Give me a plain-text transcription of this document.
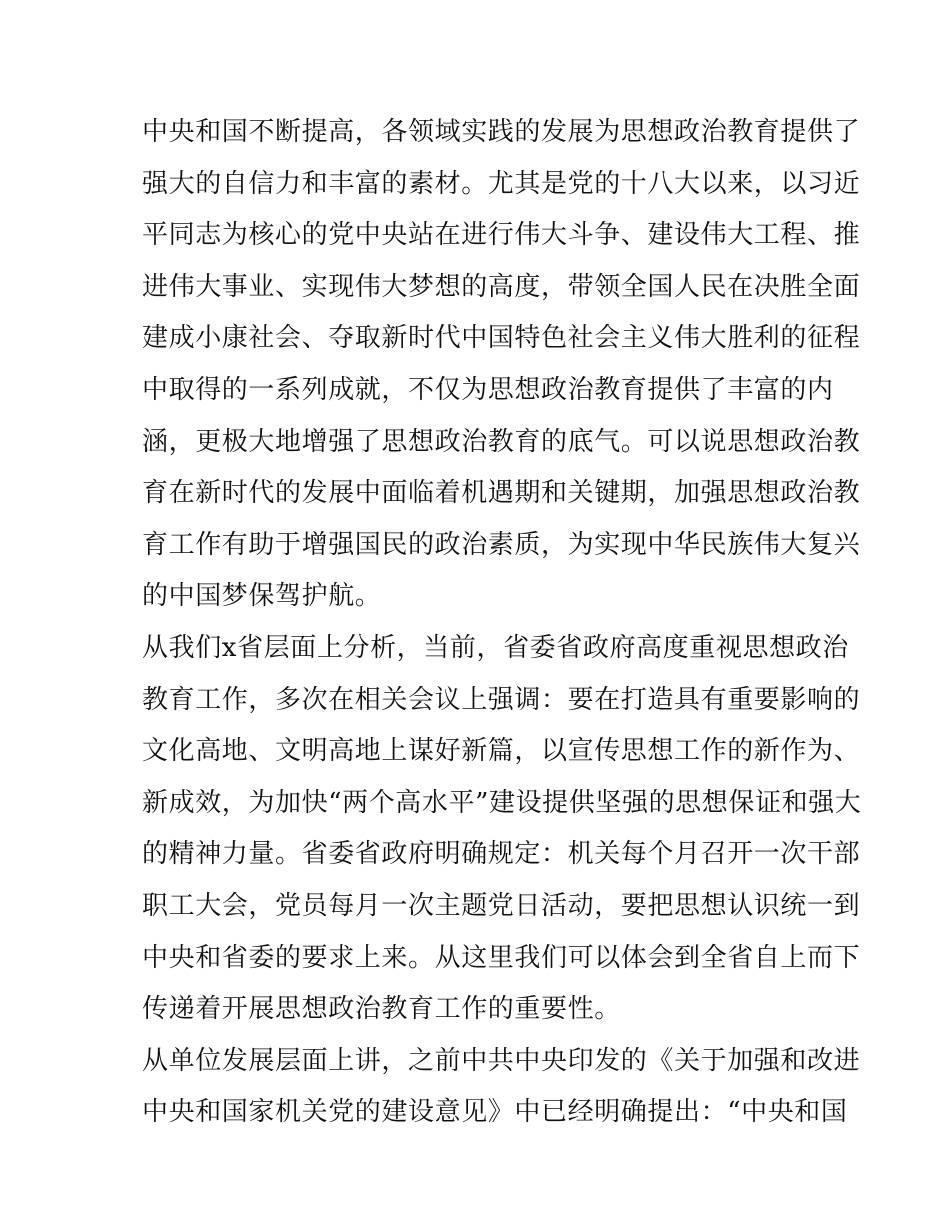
中央和国不断提高，各领域实践的发展为思想政治教育提供了
强大的自信力和丰富的素材。尤其是党的十八大以来，以习近
平同志为核心的党中央站在进行伟大斗争、建设伟大工程、推
进伟大事业、实现伟大梦想的高度，带领全国人民在决胜全面
建成小康社会、夺取新时代中国特色社会主义伟大胜利的征程
中取得的一系列成就，不仅为思想政治教育提供了丰富的内
涵，更极大地增强了思想政治教育的底气。可以说思想政治教
育在新时代的发展中面临着机遇期和关键期，加强思想政治教
育工作有助于增强国民的政治素质，为实现中华民族伟大复兴
的中国梦保驾护航。
从我们x省层面上分析，当前，省委省政府高度重视思想政治
教育工作，多次在相关会议上强调：要在打造具有重要影响的
文化高地、文明高地上谋好新篇，以宣传思想工作的新作为、
新成效，为加快“两个高水平”建设提供坚强的思想保证和强大
的精神力量。省委省政府明确规定：机关每个月召开一次干部
职工大会，党员每月一次主题党日活动，要把思想认识统一到
中央和省委的要求上来。从这里我们可以体会到全省自上而下
传递着开展思想政治教育工作的重要性。
从单位发展层面上讲，之前中共中央印发的《关于加强和改进
中央和国家机关党的建设意见》中已经明确提出：“中央和国
